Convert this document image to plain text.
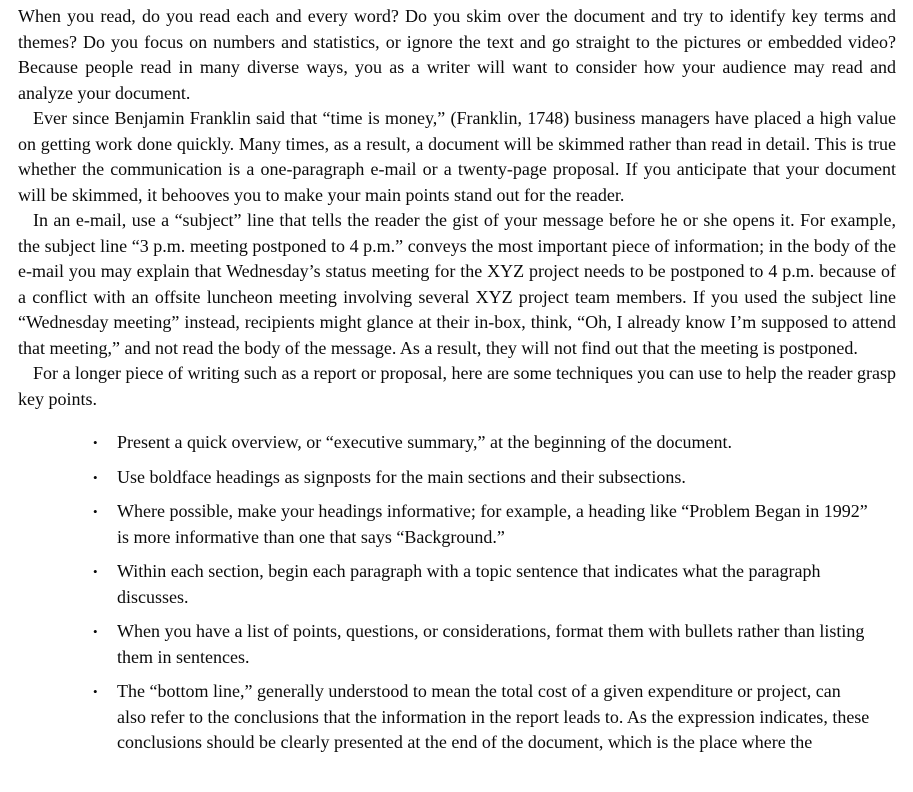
When you read, do you read each and every word? Do you skim over the document and try to identify key terms and themes? Do you focus on numbers and statistics, or ignore the text and go straight to the pictures or embedded video? Because people read in many diverse ways, you as a writer will want to consider how your audience may read and analyze your document.

Ever since Benjamin Franklin said that “time is money,” (Franklin, 1748) business managers have placed a high value on getting work done quickly. Many times, as a result, a document will be skimmed rather than read in detail. This is true whether the communication is a one-paragraph e-mail or a twenty-page proposal. If you anticipate that your document will be skimmed, it behooves you to make your main points stand out for the reader.

In an e-mail, use a “subject” line that tells the reader the gist of your message before he or she opens it. For example, the subject line “3 p.m. meeting postponed to 4 p.m.” conveys the most important piece of information; in the body of the e-mail you may explain that Wednesday’s status meeting for the XYZ project needs to be postponed to 4 p.m. because of a conflict with an offsite luncheon meeting involving several XYZ project team members. If you used the subject line “Wednesday meeting” instead, recipients might glance at their in-box, think, “Oh, I already know I’m supposed to attend that meeting,” and not read the body of the message. As a result, they will not find out that the meeting is postponed.

For a longer piece of writing such as a report or proposal, here are some techniques you can use to help the reader grasp key points.

• Present a quick overview, or “executive summary,” at the beginning of the document.
• Use boldface headings as signposts for the main sections and their subsections.
• Where possible, make your headings informative; for example, a heading like “Problem Began in 1992” is more informative than one that says “Background.”
• Within each section, begin each paragraph with a topic sentence that indicates what the paragraph discusses.
• When you have a list of points, questions, or considerations, format them with bullets rather than listing them in sentences.
• The “bottom line,” generally understood to mean the total cost of a given expenditure or project, can also refer to the conclusions that the information in the report leads to. As the expression indicates, these conclusions should be clearly presented at the end of the document, which is the place where the
